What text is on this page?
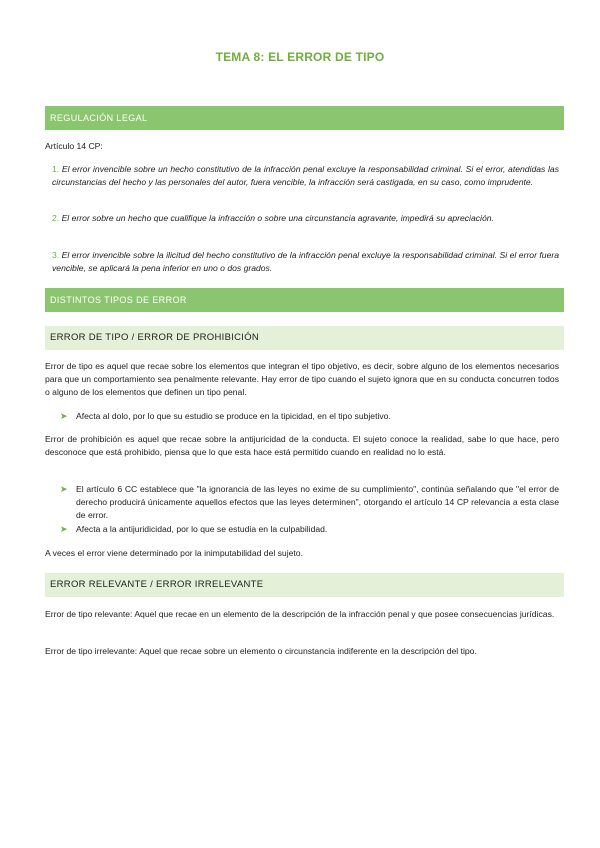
TEMA 8: EL ERROR DE TIPO
REGULACIÓN LEGAL
Artículo 14 CP:
1. El error invencible sobre un hecho constitutivo de la infracción penal excluye la responsabilidad criminal. Si el error, atendidas las circunstancias del hecho y las personales del autor, fuera vencible, la infracción será castigada, en su caso, como imprudente.
2. El error sobre un hecho que cualifique la infracción o sobre una circunstancia agravante, impedirá su apreciación.
3. El error invencible sobre la ilicitud del hecho constitutivo de la infracción penal excluye la responsabilidad criminal. Si el error fuera vencible, se aplicará la pena inferior en uno o dos grados.
DISTINTOS TIPOS DE ERROR
ERROR DE TIPO / ERROR DE PROHIBICIÓN
Error de tipo es aquel que recae sobre los elementos que integran el tipo objetivo, es decir, sobre alguno de los elementos necesarios para que un comportamiento sea penalmente relevante. Hay error de tipo cuando el sujeto ignora que en su conducta concurren todos o alguno de los elementos que definen un tipo penal.
➤ Afecta al dolo, por lo que su estudio se produce en la tipicidad, en el tipo subjetivo.
Error de prohibición es aquel que recae sobre la antijuricidad de la conducta. El sujeto conoce la realidad, sabe lo que hace, pero desconoce que está prohibido, piensa que lo que esta hace está permitido cuando en realidad no lo está.
➤ El artículo 6 CC establece que "la ignorancia de las leyes no exime de su cumplimiento", continúa señalando que "el error de derecho producirá únicamente aquellos efectos que las leyes determinen", otorgando el artículo 14 CP relevancia a esta clase de error.
➤ Afecta a la antijuridicidad, por lo que se estudia en la culpabilidad.
A veces el error viene determinado por la inimputabilidad del sujeto.
ERROR RELEVANTE / ERROR IRRELEVANTE
Error de tipo relevante: Aquel que recae en un elemento de la descripción de la infracción penal y que posee consecuencias jurídicas.
Error de tipo irrelevante: Aquel que recae sobre un elemento o circunstancia indiferente en la descripción del tipo.
